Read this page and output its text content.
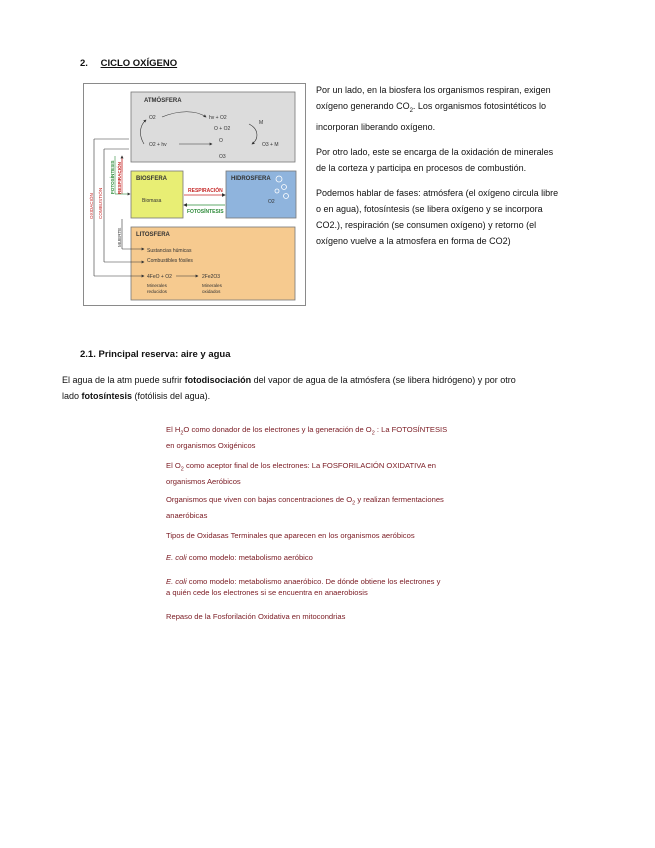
2. CICLO OXÍGENO
ATMÓSFERA
O2	hv + O2
O + O2
M
O2 + hv
O
O3
O3 + M
BIOSFERA
Biomasa
HIDROSFERA
O2
RESPIRACIÓN
FOTOSÍNTESIS
LITOSFERA
Sustancias húmicas
Combustibles fósiles
4FeO + O2	2Fe2O3
Minerales reducidos
Minerales oxidados
OXIDACIÓN COMBUSTIÓN
FOTOSÍNTESIS RESPIRACIÓN
MUERTE
Por un lado, en la biosfera los organismos respiran, exigen
oxígeno generando $CO_2$. Los organismos fotosintéticos lo
incorporan liberando oxígeno.
Por otro lado, este se encarga de la oxidación de minerales
de la corteza y participa en procesos de combustión.
Podemos hablar de fases: atmósfera (el oxígeno circula libre
o en agua), fotosíntesis (se libera oxígeno y se incorpora
CO2.), respiración (se consumen oxígeno) y retorno (el
oxígeno vuelve a la atmosfera en forma de CO2)
2.1. Principal reserva: aire y agua
El agua de la atm puede sufrir fotodisociación del vapor de agua de la atmósfera (se libera hidrógeno) y por otro
lado fotosíntesis (fotólisis del agua).
El $H_2O$ como donador de los electrones y la generación de $O_2$ : La FOTOSÍNTESIS
en organismos Oxigénicos
El $O_2$ como aceptor final de los electrones: La FOSFORILACIÓN OXIDATIVA en
organismos Aeróbicos
Organismos que viven con bajas concentraciones de $O_2$ y realizan fermentaciones
anaeróbicas
Tipos de Oxidasas Terminales que aparecen en los organismos aeróbicos
E. coli como modelo: metabolismo aeróbico
E. coli como modelo: metabolismo anaeróbico. De dónde obtiene los electrones y
a quién cede los electrones si se encuentra en anaerobiosis
Repaso de la Fosforilación Oxidativa en mitocondrias
